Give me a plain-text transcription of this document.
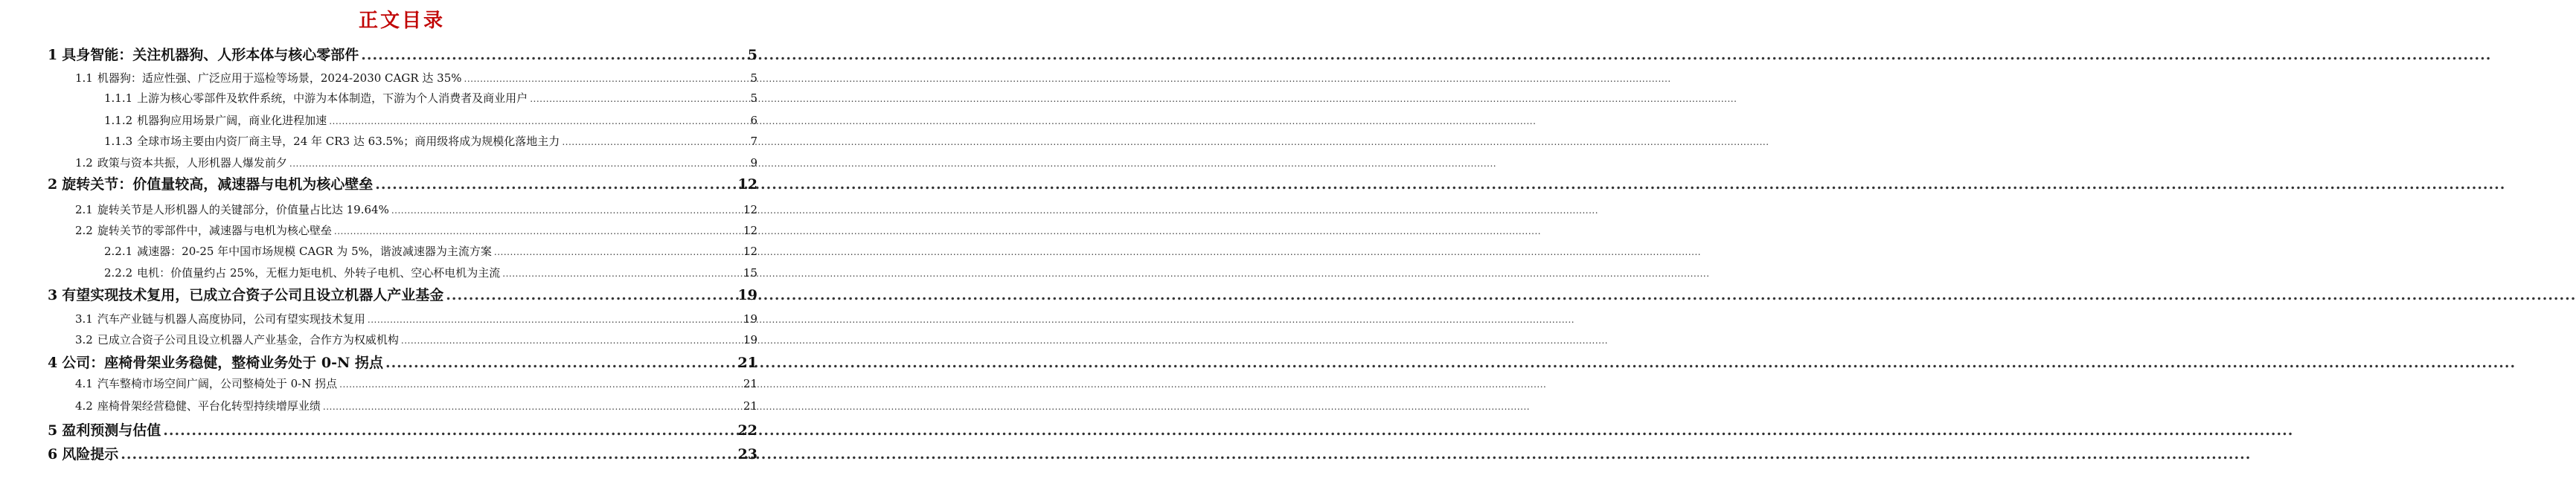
正文目录
1 具身智能：关注机器狗、人形本体与核心零部件 .....	5
1.1 机器狗：适应性强、广泛应用于巡检等场景，2024-2030 CAGR 达 35% .....	5
1.1.1 上游为核心零部件及软件系统，中游为本体制造，下游为个人消费者及商业用户 .....	5
1.1.2 机器狗应用场景广阔，商业化进程加速 .....	6
1.1.3 全球市场主要由内资厂商主导，24 年 CR3 达 63.5%；商用级将成为规模化落地主力 .....	7
1.2 政策与资本共振，人形机器人爆发前夕 .....	9
2 旋转关节：价值量较高，减速器与电机为核心壁垒 .....	12
2.1 旋转关节是人形机器人的关键部分，价值量占比达 19.64% .....	12
2.2 旋转关节的零部件中，减速器与电机为核心壁垒 .....	12
2.2.1 减速器：20-25 年中国市场规模 CAGR 为 5%，谐波减速器为主流方案 .....	12
2.2.2 电机：价值量约占 25%，无框力矩电机、外转子电机、空心杯电机为主流 .....	15
3 有望实现技术复用，已成立合资子公司且设立机器人产业基金 .....	19
3.1 汽车产业链与机器人高度协同，公司有望实现技术复用 .....	19
3.2 已成立合资子公司且设立机器人产业基金，合作方为权威机构 .....	19
4 公司：座椅骨架业务稳健，整椅业务处于 0-N 拐点 .....	21
4.1 汽车整椅市场空间广阔，公司整椅处于 0-N 拐点 .....	21
4.2 座椅骨架经营稳健、平台化转型持续增厚业绩 .....	21
5 盈利预测与估值 .....	22
6 风险提示 .....	23
